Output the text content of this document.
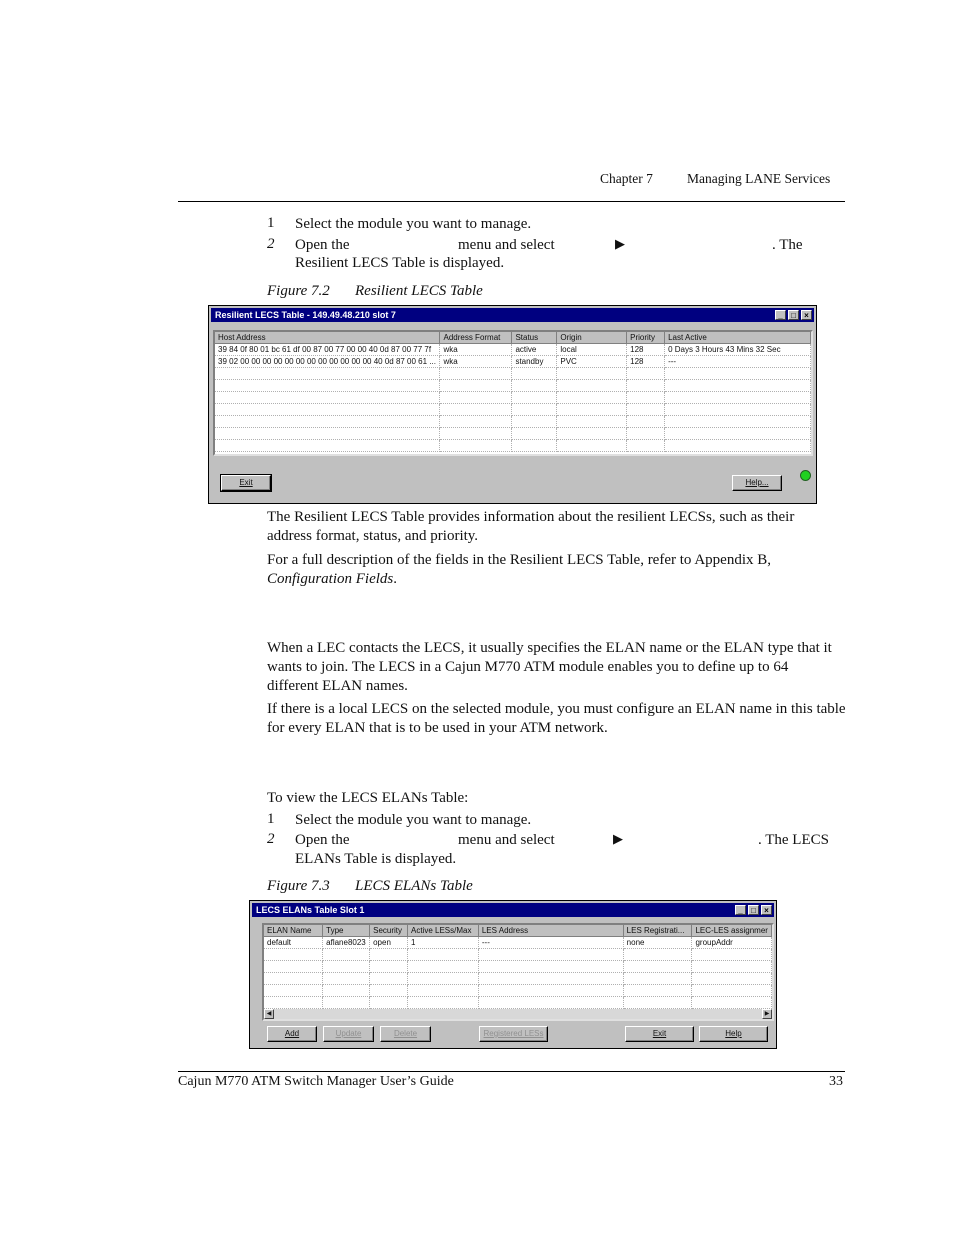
Chapter 7	Managing LANE Services
1 Select the module you want to manage.
2 Open the	menu and select	▶	. The
Resilient LECS Table is displayed.
Figure 7.2 Resilient LECS Table
Resilient LECS Table - 149.49.48.210 slot 7	_	□	×
Host Address	Address Format	Status	Origin	Priority	Last Active
39 84 0f 80 01 bc 61 df 00 87 00 77 00 00 40 0d 87 00 77 7f	wka	active	local	128	0 Days 3 Hours 43 Mins 32 Sec
39 02 00 00 00 00 00 00 00 00 00 00 00 00 40 0d 87 00 61 ...	wka	standby	PVC	128	---

Exit	Help...
The Resilient LECS Table provides information about the resilient LECSs, such as their address format, status, and priority.
For a full description of the fields in the Resilient LECS Table, refer to Appendix B,
Configuration Fields.
When a LEC contacts the LECS, it usually specifies the ELAN name or the ELAN type that it wants to join. The LECS in a Cajun M770 ATM module enables you to define up to 64 different ELAN names.
If there is a local LECS on the selected module, you must configure an ELAN name in this table for every ELAN that is to be used in your ATM network.
To view the LECS ELANs Table:
1 Select the module you want to manage.
2 Open the	menu and select	▶	. The LECS
ELANs Table is displayed.
Figure 7.3 LECS ELANs Table
LECS ELANs Table Slot 1	_	□	×
ELAN Name	Type	Security	Active LESs/Max	LES Address	LES Registrati...	LEC-LES assignmer
default	aflane8023	open	1	---	none	groupAddr

◀	▶
Add	Update	Delete	Registered LESs	Exit	Help
Cajun M770 ATM Switch Manager User’s Guide	33
